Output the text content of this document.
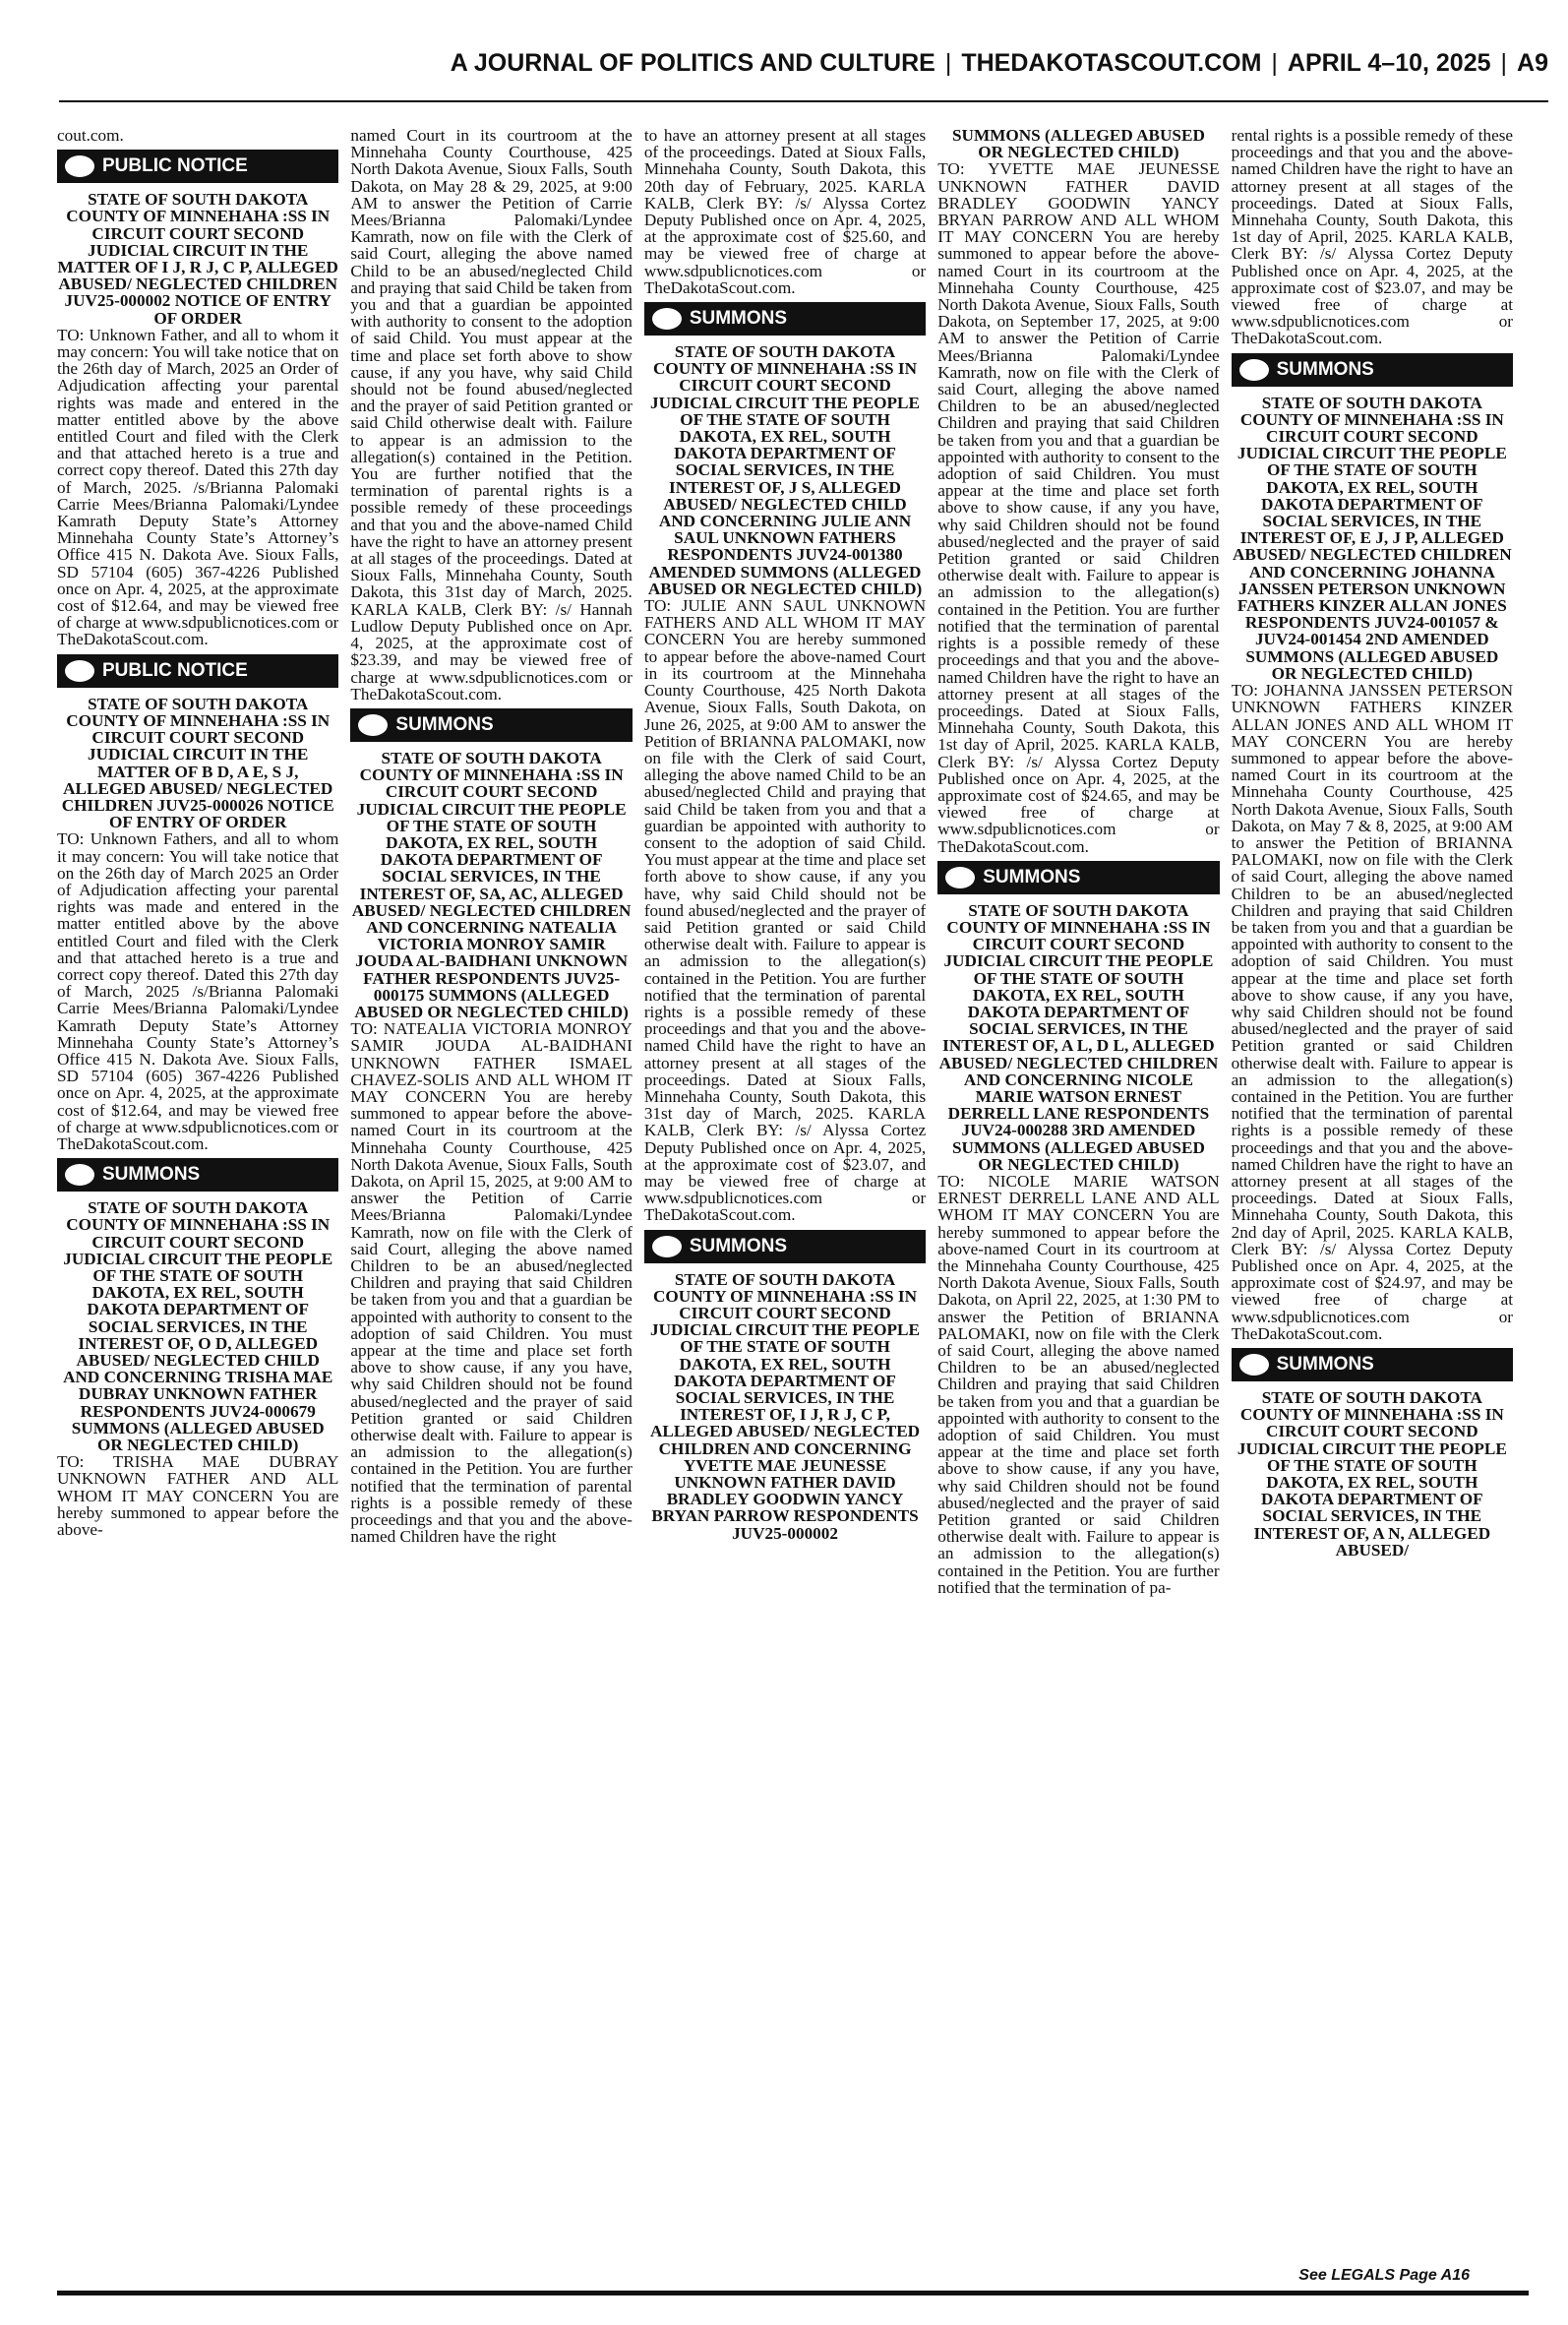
A JOURNAL OF POLITICS AND CULTURE | THEDAKOTASCOUT.COM | APRIL 4–10, 2025 | A9

cout.com.

PUBLIC NOTICE

STATE OF SOUTH DAKOTA COUNTY OF MINNEHAHA :SS IN CIRCUIT COURT SECOND JUDICIAL CIRCUIT IN THE MATTER OF I J, R J, C P, ALLEGED ABUSED/ NEGLECTED CHILDREN JUV25-000002 NOTICE OF ENTRY OF ORDER

TO: Unknown Father, and all to whom it may concern: You will take notice that on the 26th day of March, 2025 an Order of Adjudication affecting your parental rights was made and entered in the matter entitled above by the above entitled Court and filed with the Clerk and that attached hereto is a true and correct copy thereof. Dated this 27th day of March, 2025. /s/Brianna Palomaki Carrie Mees/Brianna Palomaki/Lyndee Kamrath Deputy State’s Attorney Minnehaha County State’s Attorney’s Office 415 N. Dakota Ave. Sioux Falls, SD 57104 (605) 367-4226 Published once on Apr. 4, 2025, at the approximate cost of $12.64, and may be viewed free of charge at www.sdpublicnotices.com or TheDakotaScout.com.

PUBLIC NOTICE

STATE OF SOUTH DAKOTA COUNTY OF MINNEHAHA :SS IN CIRCUIT COURT SECOND JUDICIAL CIRCUIT IN THE MATTER OF B D, A E, S J, ALLEGED ABUSED/ NEGLECTED CHILDREN JUV25-000026 NOTICE OF ENTRY OF ORDER

TO: Unknown Fathers, and all to whom it may concern: You will take notice that on the 26th day of March 2025 an Order of Adjudication affecting your parental rights was made and entered in the matter entitled above by the above entitled Court and filed with the Clerk and that attached hereto is a true and correct copy thereof. Dated this 27th day of March, 2025 /s/Brianna Palomaki Carrie Mees/Brianna Palomaki/Lyndee Kamrath Deputy State’s Attorney Minnehaha County State’s Attorney’s Office 415 N. Dakota Ave. Sioux Falls, SD 57104 (605) 367-4226 Published once on Apr. 4, 2025, at the approximate cost of $12.64, and may be viewed free of charge at www.sdpublicnotices.com or TheDakotaScout.com.

SUMMONS

STATE OF SOUTH DAKOTA COUNTY OF MINNEHAHA :SS IN CIRCUIT COURT SECOND JUDICIAL CIRCUIT THE PEOPLE OF THE STATE OF SOUTH DAKOTA, EX REL, SOUTH DAKOTA DEPARTMENT OF SOCIAL SERVICES, IN THE INTEREST OF, O D, ALLEGED ABUSED/ NEGLECTED CHILD AND CONCERNING TRISHA MAE DUBRAY UNKNOWN FATHER RESPONDENTS JUV24-000679 SUMMONS (ALLEGED ABUSED OR NEGLECTED CHILD)

TO: TRISHA MAE DUBRAY UNKNOWN FATHER AND ALL WHOM IT MAY CONCERN You are hereby summoned to appear before the above-

named Court in its courtroom at the Minnehaha County Courthouse, 425 North Dakota Avenue, Sioux Falls, South Dakota, on May 28 & 29, 2025, at 9:00 AM to answer the Petition of Carrie Mees/Brianna Palomaki/Lyndee Kamrath, now on file with the Clerk of said Court, alleging the above named Child to be an abused/neglected Child and praying that said Child be taken from you and that a guardian be appointed with authority to consent to the adoption of said Child. You must appear at the time and place set forth above to show cause, if any you have, why said Child should not be found abused/neglected and the prayer of said Petition granted or said Child otherwise dealt with. Failure to appear is an admission to the allegation(s) contained in the Petition. You are further notified that the termination of parental rights is a possible remedy of these proceedings and that you and the above-named Child have the right to have an attorney present at all stages of the proceedings. Dated at Sioux Falls, Minnehaha County, South Dakota, this 31st day of March, 2025. KARLA KALB, Clerk BY: /s/ Hannah Ludlow Deputy Published once on Apr. 4, 2025, at the approximate cost of $23.39, and may be viewed free of charge at www.sdpublicnotices.com or TheDakotaScout.com.

SUMMONS

STATE OF SOUTH DAKOTA COUNTY OF MINNEHAHA :SS IN CIRCUIT COURT SECOND JUDICIAL CIRCUIT THE PEOPLE OF THE STATE OF SOUTH DAKOTA, EX REL, SOUTH DAKOTA DEPARTMENT OF SOCIAL SERVICES, IN THE INTEREST OF, SA, AC, ALLEGED ABUSED/ NEGLECTED CHILDREN AND CONCERNING NATEALIA VICTORIA MONROY SAMIR JOUDA AL-BAIDHANI UNKNOWN FATHER RESPONDENTS JUV25-000175 SUMMONS (ALLEGED ABUSED OR NEGLECTED CHILD)

TO: NATEALIA VICTORIA MONROY SAMIR JOUDA AL-BAIDHANI UNKNOWN FATHER ISMAEL CHAVEZ-SOLIS AND ALL WHOM IT MAY CONCERN You are hereby summoned to appear before the above-named Court in its courtroom at the Minnehaha County Courthouse, 425 North Dakota Avenue, Sioux Falls, South Dakota, on April 15, 2025, at 9:00 AM to answer the Petition of Carrie Mees/Brianna Palomaki/Lyndee Kamrath, now on file with the Clerk of said Court, alleging the above named Children to be an abused/neglected Children and praying that said Children be taken from you and that a guardian be appointed with authority to consent to the adoption of said Children. You must appear at the time and place set forth above to show cause, if any you have, why said Children should not be found abused/neglected and the prayer of said Petition granted or said Children otherwise dealt with. Failure to appear is an admission to the allegation(s) contained in the Petition. You are further notified that the termination of parental rights is a possible remedy of these proceedings and that you and the above-named Children have the right

to have an attorney present at all stages of the proceedings. Dated at Sioux Falls, Minnehaha County, South Dakota, this 20th day of February, 2025. KARLA KALB, Clerk BY: /s/ Alyssa Cortez Deputy Published once on Apr. 4, 2025, at the approximate cost of $25.60, and may be viewed free of charge at www.sdpublicnotices.com or TheDakotaScout.com.

SUMMONS

STATE OF SOUTH DAKOTA COUNTY OF MINNEHAHA :SS IN CIRCUIT COURT SECOND JUDICIAL CIRCUIT THE PEOPLE OF THE STATE OF SOUTH DAKOTA, EX REL, SOUTH DAKOTA DEPARTMENT OF SOCIAL SERVICES, IN THE INTEREST OF, J S, ALLEGED ABUSED/ NEGLECTED CHILD AND CONCERNING JULIE ANN SAUL UNKNOWN FATHERS RESPONDENTS JUV24-001380 AMENDED SUMMONS (ALLEGED ABUSED OR NEGLECTED CHILD)

TO: JULIE ANN SAUL UNKNOWN FATHERS AND ALL WHOM IT MAY CONCERN You are hereby summoned to appear before the above-named Court in its courtroom at the Minnehaha County Courthouse, 425 North Dakota Avenue, Sioux Falls, South Dakota, on June 26, 2025, at 9:00 AM to answer the Petition of BRIANNA PALOMAKI, now on file with the Clerk of said Court, alleging the above named Child to be an abused/neglected Child and praying that said Child be taken from you and that a guardian be appointed with authority to consent to the adoption of said Child. You must appear at the time and place set forth above to show cause, if any you have, why said Child should not be found abused/neglected and the prayer of said Petition granted or said Child otherwise dealt with. Failure to appear is an admission to the allegation(s) contained in the Petition. You are further notified that the termination of parental rights is a possible remedy of these proceedings and that you and the above-named Child have the right to have an attorney present at all stages of the proceedings. Dated at Sioux Falls, Minnehaha County, South Dakota, this 31st day of March, 2025. KARLA KALB, Clerk BY: /s/ Alyssa Cortez Deputy Published once on Apr. 4, 2025, at the approximate cost of $23.07, and may be viewed free of charge at www.sdpublicnotices.com or TheDakotaScout.com.

SUMMONS

STATE OF SOUTH DAKOTA COUNTY OF MINNEHAHA :SS IN CIRCUIT COURT SECOND JUDICIAL CIRCUIT THE PEOPLE OF THE STATE OF SOUTH DAKOTA, EX REL, SOUTH DAKOTA DEPARTMENT OF SOCIAL SERVICES, IN THE INTEREST OF, I J, R J, C P, ALLEGED ABUSED/ NEGLECTED CHILDREN AND CONCERNING YVETTE MAE JEUNESSE UNKNOWN FATHER DAVID BRADLEY GOODWIN YANCY BRYAN PARROW RESPONDENTS JUV25-000002

SUMMONS (ALLEGED ABUSED OR NEGLECTED CHILD)

TO: YVETTE MAE JEUNESSE UNKNOWN FATHER DAVID BRADLEY GOODWIN YANCY BRYAN PARROW AND ALL WHOM IT MAY CONCERN You are hereby summoned to appear before the above-named Court in its courtroom at the Minnehaha County Courthouse, 425 North Dakota Avenue, Sioux Falls, South Dakota, on September 17, 2025, at 9:00 AM to answer the Petition of Carrie Mees/Brianna Palomaki/Lyndee Kamrath, now on file with the Clerk of said Court, alleging the above named Children to be an abused/neglected Children and praying that said Children be taken from you and that a guardian be appointed with authority to consent to the adoption of said Children. You must appear at the time and place set forth above to show cause, if any you have, why said Children should not be found abused/neglected and the prayer of said Petition granted or said Children otherwise dealt with. Failure to appear is an admission to the allegation(s) contained in the Petition. You are further notified that the termination of parental rights is a possible remedy of these proceedings and that you and the above-named Children have the right to have an attorney present at all stages of the proceedings. Dated at Sioux Falls, Minnehaha County, South Dakota, this 1st day of April, 2025. KARLA KALB, Clerk BY: /s/ Alyssa Cortez Deputy Published once on Apr. 4, 2025, at the approximate cost of $24.65, and may be viewed free of charge at www.sdpublicnotices.com or TheDakotaScout.com.

SUMMONS

STATE OF SOUTH DAKOTA COUNTY OF MINNEHAHA :SS IN CIRCUIT COURT SECOND JUDICIAL CIRCUIT THE PEOPLE OF THE STATE OF SOUTH DAKOTA, EX REL, SOUTH DAKOTA DEPARTMENT OF SOCIAL SERVICES, IN THE INTEREST OF, A L, D L, ALLEGED ABUSED/ NEGLECTED CHILDREN AND CONCERNING NICOLE MARIE WATSON ERNEST DERRELL LANE RESPONDENTS JUV24-000288 3RD AMENDED SUMMONS (ALLEGED ABUSED OR NEGLECTED CHILD)

TO: NICOLE MARIE WATSON ERNEST DERRELL LANE AND ALL WHOM IT MAY CONCERN You are hereby summoned to appear before the above-named Court in its courtroom at the Minnehaha County Courthouse, 425 North Dakota Avenue, Sioux Falls, South Dakota, on April 22, 2025, at 1:30 PM to answer the Petition of BRIANNA PALOMAKI, now on file with the Clerk of said Court, alleging the above named Children to be an abused/neglected Children and praying that said Children be taken from you and that a guardian be appointed with authority to consent to the adoption of said Children. You must appear at the time and place set forth above to show cause, if any you have, why said Children should not be found abused/neglected and the prayer of said Petition granted or said Children otherwise dealt with. Failure to appear is an admission to the allegation(s) contained in the Petition. You are further notified that the termination of pa-

rental rights is a possible remedy of these proceedings and that you and the above-named Children have the right to have an attorney present at all stages of the proceedings. Dated at Sioux Falls, Minnehaha County, South Dakota, this 1st day of April, 2025. KARLA KALB, Clerk BY: /s/ Alyssa Cortez Deputy Published once on Apr. 4, 2025, at the approximate cost of $23.07, and may be viewed free of charge at www.sdpublicnotices.com or TheDakotaScout.com.

SUMMONS

STATE OF SOUTH DAKOTA COUNTY OF MINNEHAHA :SS IN CIRCUIT COURT SECOND JUDICIAL CIRCUIT THE PEOPLE OF THE STATE OF SOUTH DAKOTA, EX REL, SOUTH DAKOTA DEPARTMENT OF SOCIAL SERVICES, IN THE INTEREST OF, E J, J P, ALLEGED ABUSED/ NEGLECTED CHILDREN AND CONCERNING JOHANNA JANSSEN PETERSON UNKNOWN FATHERS KINZER ALLAN JONES RESPONDENTS JUV24-001057 & JUV24-001454 2ND AMENDED SUMMONS (ALLEGED ABUSED OR NEGLECTED CHILD)

TO: JOHANNA JANSSEN PETERSON UNKNOWN FATHERS KINZER ALLAN JONES AND ALL WHOM IT MAY CONCERN You are hereby summoned to appear before the above-named Court in its courtroom at the Minnehaha County Courthouse, 425 North Dakota Avenue, Sioux Falls, South Dakota, on May 7 & 8, 2025, at 9:00 AM to answer the Petition of BRIANNA PALOMAKI, now on file with the Clerk of said Court, alleging the above named Children to be an abused/neglected Children and praying that said Children be taken from you and that a guardian be appointed with authority to consent to the adoption of said Children. You must appear at the time and place set forth above to show cause, if any you have, why said Children should not be found abused/neglected and the prayer of said Petition granted or said Children otherwise dealt with. Failure to appear is an admission to the allegation(s) contained in the Petition. You are further notified that the termination of parental rights is a possible remedy of these proceedings and that you and the above-named Children have the right to have an attorney present at all stages of the proceedings. Dated at Sioux Falls, Minnehaha County, South Dakota, this 2nd day of April, 2025. KARLA KALB, Clerk BY: /s/ Alyssa Cortez Deputy Published once on Apr. 4, 2025, at the approximate cost of $24.97, and may be viewed free of charge at www.sdpublicnotices.com or TheDakotaScout.com.

SUMMONS

STATE OF SOUTH DAKOTA COUNTY OF MINNEHAHA :SS IN CIRCUIT COURT SECOND JUDICIAL CIRCUIT THE PEOPLE OF THE STATE OF SOUTH DAKOTA, EX REL, SOUTH DAKOTA DEPARTMENT OF SOCIAL SERVICES, IN THE INTEREST OF, A N, ALLEGED ABUSED/

See LEGALS Page A16
